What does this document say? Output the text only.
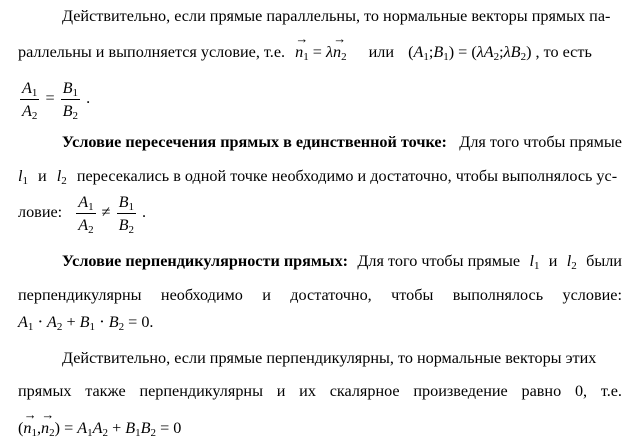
Действительно, если прямые параллельны, то нормальные векторы прямых па-
раллельны и выполняется условие, т.е. → $n_1 = \lambda\to n_2$ или $(A_1;B_1)$ = $(\lambda A_2;\lambda B_2)$ , то есть
$\frac{A_1}{A_2} = \frac{B_1}{B_2}$ .
Условие пересечения прямых в единственной точке: Для того чтобы прямые
$l_1$ и $l_2$ пересекались в одной точке необходимо и достаточно, чтобы выполнялось ус-
ловие: $\frac{A_1}{A_2} \ne \frac{B_1}{B_2}$ .
Условие перпендикулярности прямых: Для того чтобы прямые $l_1$ и $l_2$ были
перпендикулярны необходимо и достаточно, чтобы выполнялось условие:
$A_1 \cdot A_2 + B_1 \cdot B_2 = 0$.
Действительно, если прямые перпендикулярны, то нормальные векторы этих
прямых также перпендикулярны и их скалярное произведение равно 0, т.е.
(→ $n_1,\to n_2) = A_1A_2 + B_1B_2 = 0$
